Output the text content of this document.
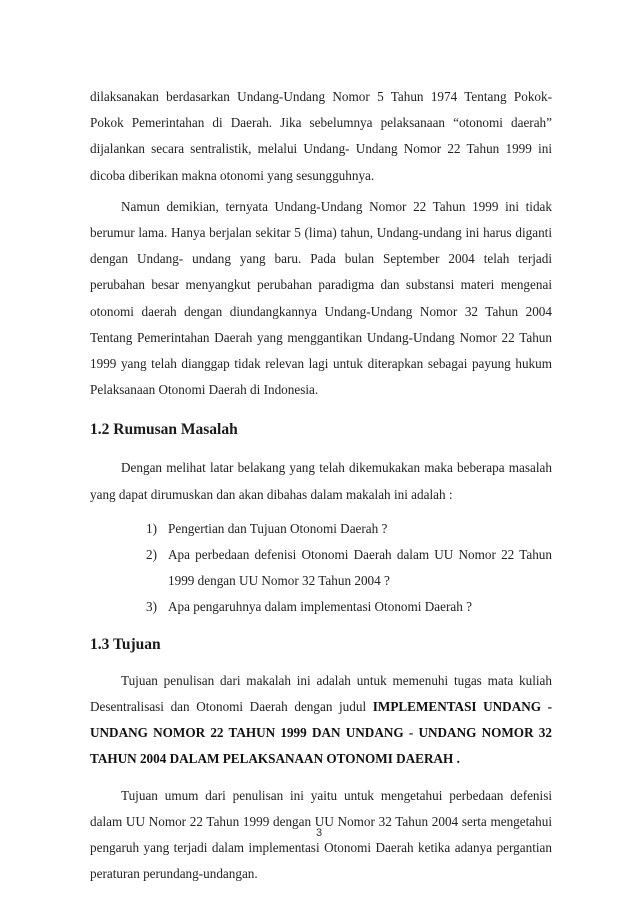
dilaksanakan berdasarkan Undang-Undang Nomor 5 Tahun 1974 Tentang Pokok-Pokok Pemerintahan di Daerah. Jika sebelumnya pelaksanaan “otonomi daerah” dijalankan secara sentralistik, melalui Undang- Undang Nomor 22 Tahun 1999 ini dicoba diberikan makna otonomi yang sesungguhnya.

Namun demikian, ternyata Undang-Undang Nomor 22 Tahun 1999 ini tidak berumur lama. Hanya berjalan sekitar 5 (lima) tahun, Undang-undang ini harus diganti dengan Undang- undang yang baru. Pada bulan September 2004 telah terjadi perubahan besar menyangkut perubahan paradigma dan substansi materi mengenai otonomi daerah dengan diundangkannya Undang-Undang Nomor 32 Tahun 2004 Tentang Pemerintahan Daerah yang menggantikan Undang-Undang Nomor 22 Tahun 1999 yang telah dianggap tidak relevan lagi untuk diterapkan sebagai payung hukum Pelaksanaan Otonomi Daerah di Indonesia.

1.2 Rumusan Masalah

Dengan melihat latar belakang yang telah dikemukakan maka beberapa masalah yang dapat dirumuskan dan akan dibahas dalam makalah ini adalah :

1) Pengertian dan Tujuan Otonomi Daerah ?
2) Apa perbedaan defenisi Otonomi Daerah dalam UU Nomor 22 Tahun 1999 dengan UU Nomor 32 Tahun 2004 ?
3) Apa pengaruhnya dalam implementasi Otonomi Daerah ?
1.3 Tujuan

Tujuan penulisan dari makalah ini adalah untuk memenuhi tugas mata kuliah Desentralisasi dan Otonomi Daerah dengan judul IMPLEMENTASI UNDANG - UNDANG NOMOR 22 TAHUN 1999 DAN UNDANG - UNDANG NOMOR 32 TAHUN 2004 DALAM PELAKSANAAN OTONOMI DAERAH .

Tujuan umum dari penulisan ini yaitu untuk mengetahui perbedaan defenisi dalam UU Nomor 22 Tahun 1999 dengan UU Nomor 32 Tahun 2004 serta mengetahui pengaruh yang terjadi dalam implementasi Otonomi Daerah ketika adanya pergantian peraturan perundang-undangan.

3
